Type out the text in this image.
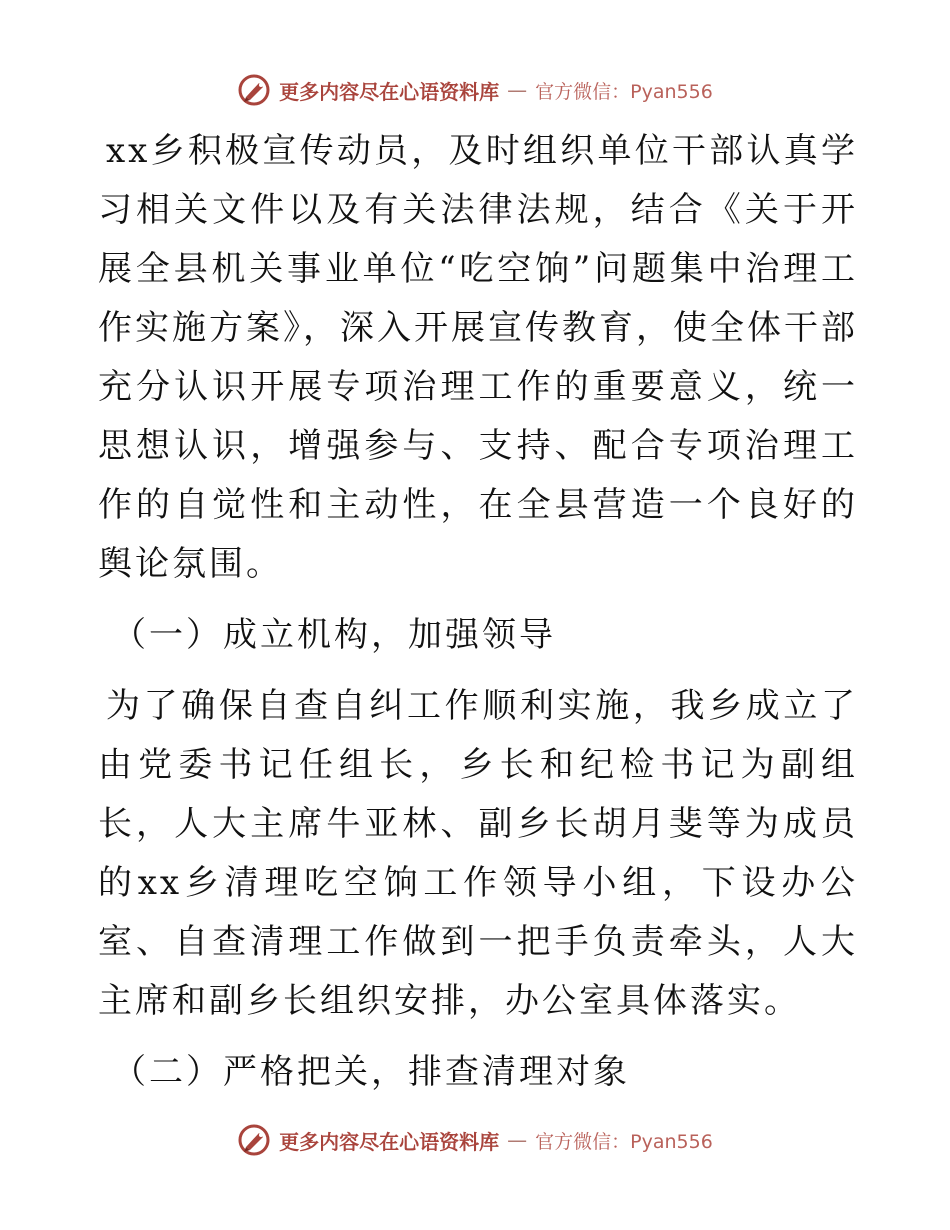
更多内容尽在心语资料库 — 官方微信：Pyan556

xx乡积极宣传动员，及时组织单位干部认真学习相关文件以及有关法律法规，结合《关于开展全县机关事业单位“吃空饷”问题集中治理工作实施方案》，深入开展宣传教育，使全体干部充分认识开展专项治理工作的重要意义，统一思想认识，增强参与、支持、配合专项治理工作的自觉性和主动性，在全县营造一个良好的舆论氛围。

（一）成立机构，加强领导

为了确保自查自纠工作顺利实施，我乡成立了由党委书记任组长，乡长和纪检书记为副组长，人大主席牛亚林、副乡长胡月斐等为成员的xx乡清理吃空饷工作领导小组，下设办公室、自查清理工作做到一把手负责牵头，人大主席和副乡长组织安排，办公室具体落实。

（二）严格把关，排查清理对象

更多内容尽在心语资料库 — 官方微信：Pyan556
